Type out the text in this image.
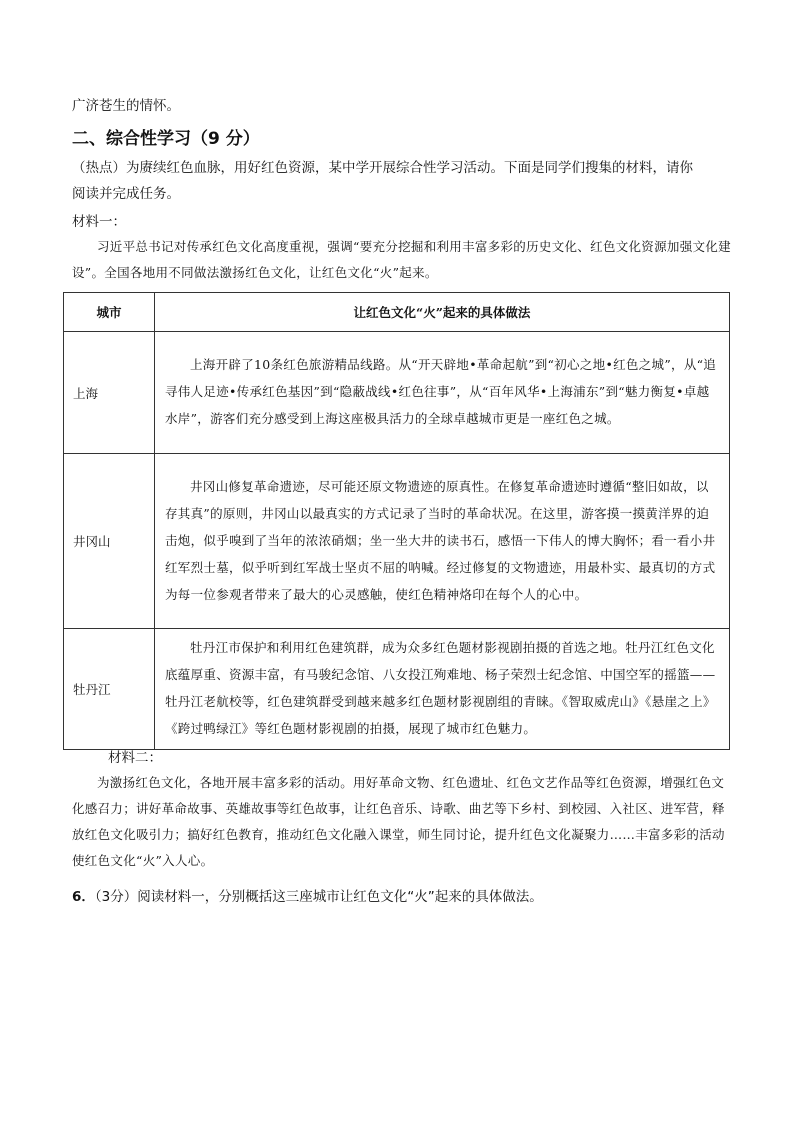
广济苍生的情怀。
二、综合性学习（9 分）
（热点）为赓续红色血脉，用好红色资源，某中学开展综合性学习活动。下面是同学们搜集的材料，请你
阅读并完成任务。
材料一：
习近平总书记对传承红色文化高度重视，强调“要充分挖掘和利用丰富多彩的历史文化、红色文化资源加强文化建设”。全国各地用不同做法激扬红色文化，让红色文化“火”起来。
城市	让红色文化“火”起来的具体做法
上海	上海开辟了10条红色旅游精品线路。从“开天辟地•革命起航”到“初心之地•红色之城”，从“追寻伟人足迹•传承红色基因”到“隐蔽战线•红色往事”，从“百年风华•上海浦东”到“魅力衡复•卓越水岸”，游客们充分感受到上海这座极具活力的全球卓越城市更是一座红色之城。
井冈山	井冈山修复革命遗迹，尽可能还原文物遗迹的原真性。在修复革命遗迹时遵循“整旧如故，以存其真”的原则，井冈山以最真实的方式记录了当时的革命状况。在这里，游客摸一摸黄洋界的迫击炮，似乎嗅到了当年的浓浓硝烟；坐一坐大井的读书石，感悟一下伟人的博大胸怀；看一看小井红军烈士墓，似乎听到红军战士坚贞不屈的呐喊。经过修复的文物遗迹，用最朴实、最真切的方式为每一位参观者带来了最大的心灵感触，使红色精神烙印在每个人的心中。
牡丹江	牡丹江市保护和利用红色建筑群，成为众多红色题材影视剧拍摄的首选之地。牡丹江红色文化底蕴厚重、资源丰富，有马骏纪念馆、八女投江殉难地、杨子荣烈士纪念馆、中国空军的摇篮——牡丹江老航校等，红色建筑群受到越来越多红色题材影视剧组的青睐。《智取威虎山》《悬崖之上》《跨过鸭绿江》等红色题材影视剧的拍摄，展现了城市红色魅力。
材料二：
为激扬红色文化，各地开展丰富多彩的活动。用好革命文物、红色遗址、红色文艺作品等红色资源，增强红色文化感召力；讲好革命故事、英雄故事等红色故事，让红色音乐、诗歌、曲艺等下乡村、到校园、入社区、进军营，释放红色文化吸引力；搞好红色教育，推动红色文化融入课堂，师生同讨论，提升红色文化凝聚力……丰富多彩的活动使红色文化“火”入人心。
6．（3分）阅读材料一，分别概括这三座城市让红色文化“火”起来的具体做法。
